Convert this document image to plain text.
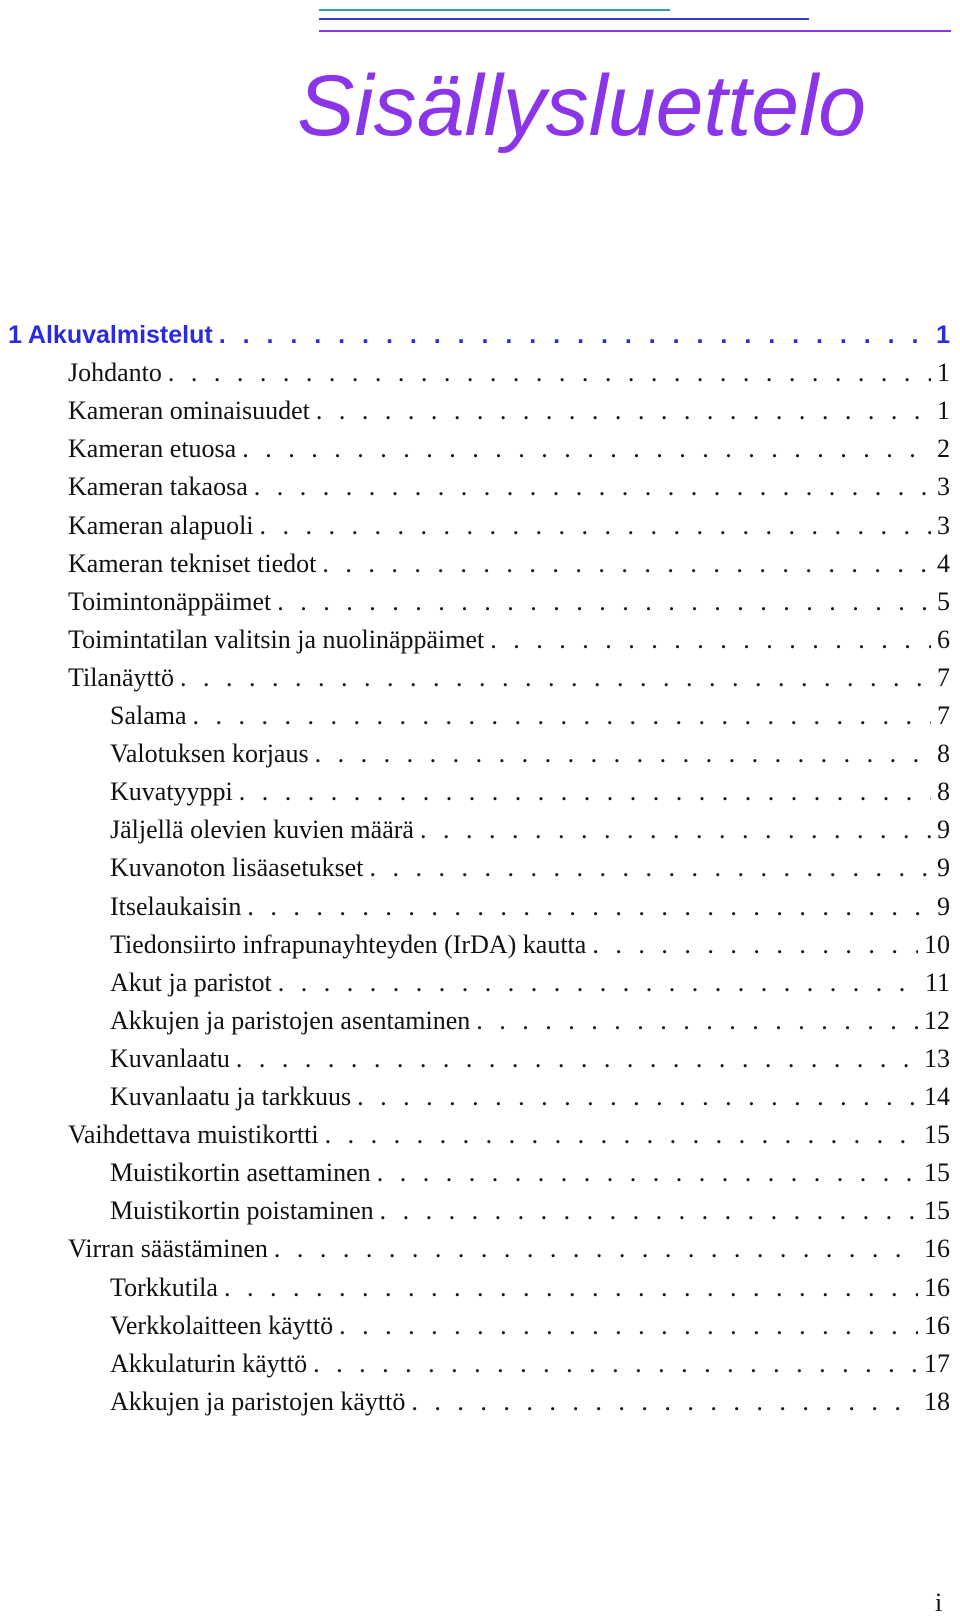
Sisällysluettelo
1 Alkuvalmistelut . . .	1
Johdanto . . .	1
Kameran ominaisuudet . . .	1
Kameran etuosa . . .	2
Kameran takaosa . . .	3
Kameran alapuoli . . .	3
Kameran tekniset tiedot . . .	4
Toimintonäppäimet . . .	5
Toimintatilan valitsin ja nuolinäppäimet . . .	6
Tilanäyttö . . .	7
Salama . . .	7
Valotuksen korjaus . . .	8
Kuvatyyppi . . .	8
Jäljellä olevien kuvien määrä . . .	9
Kuvanoton lisäasetukset . . .	9
Itselaukaisin . . .	9
Tiedonsiirto infrapunayhteyden (IrDA) kautta . . .	10
Akut ja paristot . . .	11
Akkujen ja paristojen asentaminen . . .	12
Kuvanlaatu . . .	13
Kuvanlaatu ja tarkkuus . . .	14
Vaihdettava muistikortti . . .	15
Muistikortin asettaminen . . .	15
Muistikortin poistaminen . . .	15
Virran säästäminen . . .	16
Torkkutila . . .	16
Verkkolaitteen käyttö . . .	16
Akkulaturin käyttö . . .	17
Akkujen ja paristojen käyttö . . .	18
i
